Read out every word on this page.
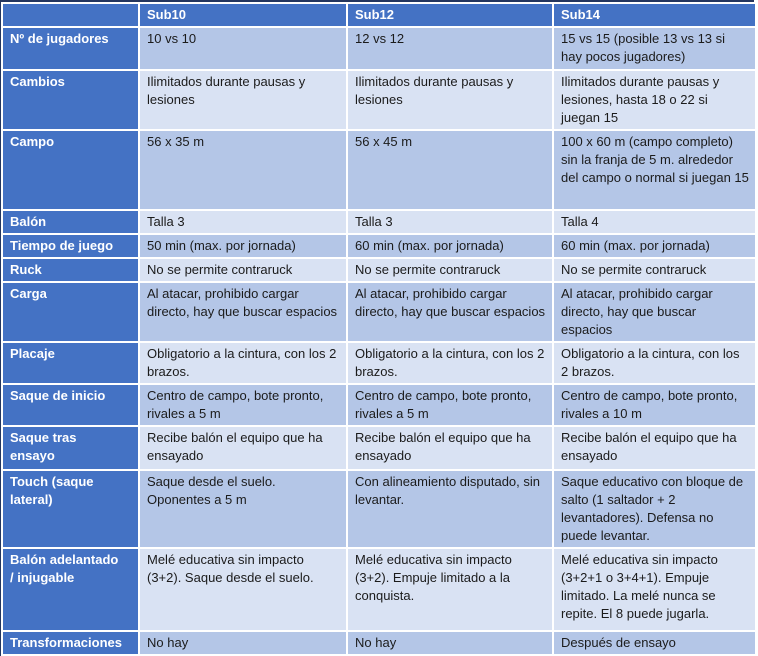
	Sub10	Sub12	Sub14
Nº de jugadores	10 vs 10	12 vs 12	15 vs 15 (posible 13 vs 13 si hay pocos jugadores)
Cambios	Ilimitados durante pausas y lesiones	Ilimitados durante pausas y lesiones	Ilimitados durante pausas y lesiones, hasta 18 o 22 si juegan 15
Campo	56 x 35 m	56 x 45 m	100 x 60 m (campo completo) sin la franja de 5 m. alrededor del campo o normal si juegan 15
Balón	Talla 3	Talla 3	Talla 4
Tiempo de juego	50 min (max. por jornada)	60 min (max. por jornada)	60 min (max. por jornada)
Ruck	No se permite contraruck	No se permite contraruck	No se permite contraruck
Carga	Al atacar, prohibido cargar directo, hay que buscar espacios	Al atacar, prohibido cargar directo, hay que buscar espacios	Al atacar, prohibido cargar directo, hay que buscar espacios
Placaje	Obligatorio a la cintura, con los 2 brazos.	Obligatorio a la cintura, con los 2 brazos.	Obligatorio a la cintura, con los 2 brazos.
Saque de inicio	Centro de campo, bote pronto, rivales a 5 m	Centro de campo, bote pronto, rivales a 5 m	Centro de campo, bote pronto, rivales a 10 m
Saque tras ensayo	Recibe balón el equipo que ha ensayado	Recibe balón el equipo que ha ensayado	Recibe balón el equipo que ha ensayado
Touch (saque lateral)	Saque desde el suelo. Oponentes a 5 m	Con alineamiento disputado, sin levantar.	Saque educativo con bloque de salto (1 saltador + 2 levantadores). Defensa no puede levantar.
Balón adelantado / injugable	Melé educativa sin impacto (3+2). Saque desde el suelo.	Melé educativa sin impacto (3+2). Empuje limitado a la conquista.	Melé educativa sin impacto (3+2+1 o 3+4+1). Empuje limitado. La melé nunca se repite. El 8 puede jugarla.
Transformaciones	No hay	No hay	Después de ensayo
